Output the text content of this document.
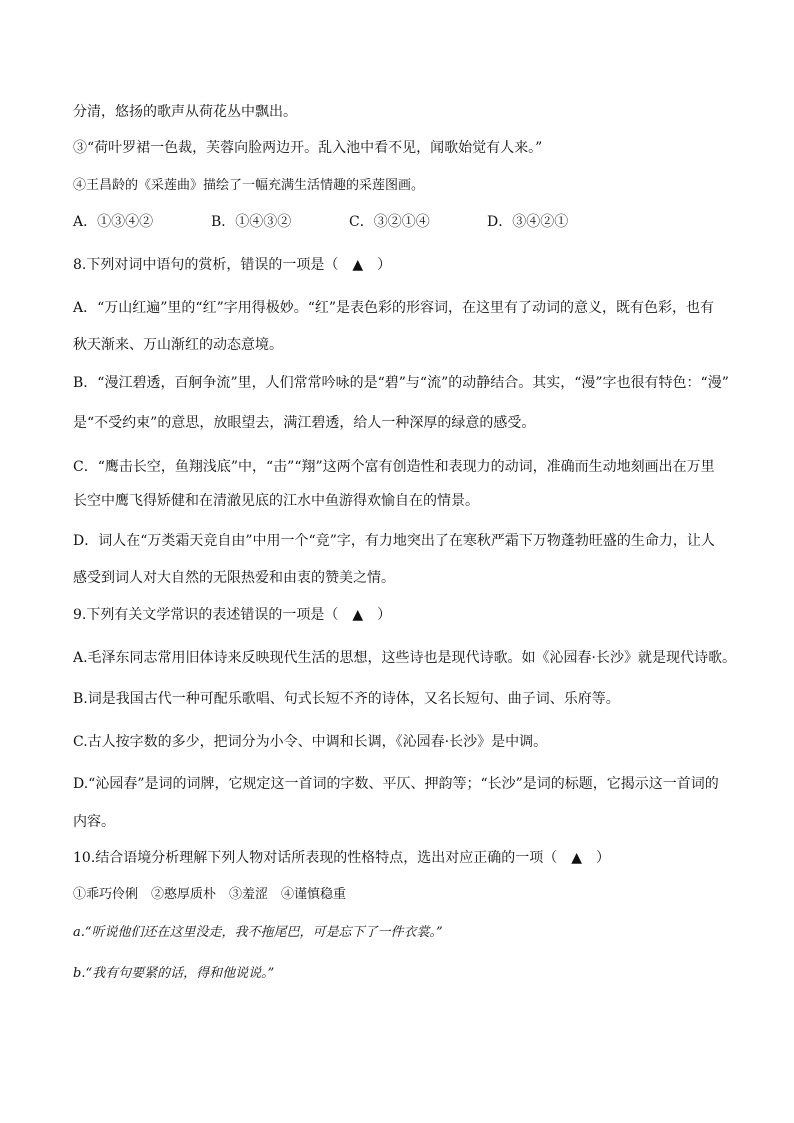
分清，悠扬的歌声从荷花丛中飘出。
③“荷叶罗裙一色裁，芙蓉向脸两边开。乱入池中看不见，闻歌始觉有人来。”
④王昌龄的《采莲曲》描绘了一幅充满生活情趣的采莲图画。
A．①③④②	B．①④③②	C．③②①④	D．③④②①
8.下列对词中语句的赏析，错误的一项是（　▲　）
A．“万山红遍”里的“红”字用得极妙。“红”是表色彩的形容词，在这里有了动词的意义，既有色彩，也有
秋天渐来、万山渐红的动态意境。
B．“漫江碧透，百舸争流”里，人们常常吟咏的是“碧”与“流”的动静结合。其实，“漫”字也很有特色：“漫”
是“不受约束”的意思，放眼望去，满江碧透，给人一种深厚的绿意的感受。
C．“鹰击长空，鱼翔浅底”中，“击”“翔”这两个富有创造性和表现力的动词，准确而生动地刻画出在万里
长空中鹰飞得矫健和在清澈见底的江水中鱼游得欢愉自在的情景。
D．词人在“万类霜天竞自由”中用一个“竞”字，有力地突出了在寒秋严霜下万物蓬勃旺盛的生命力，让人
感受到词人对大自然的无限热爱和由衷的赞美之情。
9.下列有关文学常识的表述错误的一项是（　▲　）
A.毛泽东同志常用旧体诗来反映现代生活的思想，这些诗也是现代诗歌。如《沁园春·长沙》就是现代诗歌。
B.词是我国古代一种可配乐歌唱、句式长短不齐的诗体，又名长短句、曲子词、乐府等。
C.古人按字数的多少，把词分为小令、中调和长调，《沁园春·长沙》是中调。
D.“沁园春”是词的词牌，它规定这一首词的字数、平仄、押韵等；“长沙”是词的标题，它揭示这一首词的
内容。
10.结合语境分析理解下列人物对话所表现的性格特点，选出对应正确的一项（　▲　）
①乖巧伶俐　②憨厚质朴　③羞涩　④谨慎稳重
a.“听说他们还在这里没走，我不拖尾巴，可是忘下了一件衣裳。”
b.“我有句要紧的话，得和他说说。”
